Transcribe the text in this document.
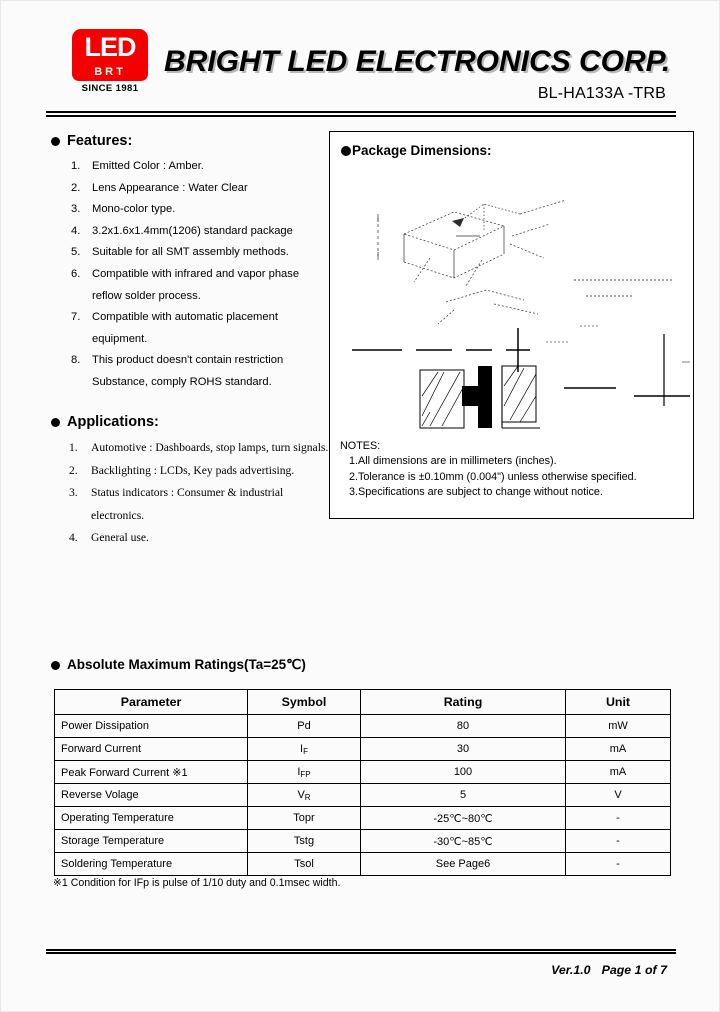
LED
BRT
SINCE 1981
BRIGHT LED ELECTRONICS CORP.
BL-HA133A -TRB
Features:
1.	Emitted Color : Amber.
2.	Lens Appearance : Water Clear
3.	Mono-color type.
4.	3.2x1.6x1.4mm(1206) standard package
5.	Suitable for all SMT assembly methods.
6.	Compatible with infrared and vapor phase reflow solder process.
7.	Compatible with automatic placement equipment.
8.	This product doesn't contain restriction Substance, comply ROHS standard.
Applications:
1.	Automotive : Dashboards, stop lamps, turn signals.
2.	Backlighting : LCDs, Key pads advertising.
3.	Status indicators : Consumer & industrial electronics.
4.	General use.
Package Dimensions:
NOTES:
1.All dimensions are in millimeters (inches).
2.Tolerance is ±0.10mm (0.004") unless otherwise specified.
3.Specifications are subject to change without notice.
Absolute Maximum Ratings(Ta=25℃)
Parameter	Symbol	Rating	Unit
Power Dissipation	Pd	80	mW
Forward Current	$I_F$	30	mA
Peak Forward Current ※1	$I_{FP}$	100	mA
Reverse Volage	$V_R$	5	V
Operating Temperature	Topr	-25℃~80℃	-
Storage Temperature	Tstg	-30℃~85℃	-
Soldering Temperature	Tsol	See Page6	-
※1 Condition for IFp is pulse of 1/10 duty and 0.1msec width.
Ver.1.0 Page 1 of 7
